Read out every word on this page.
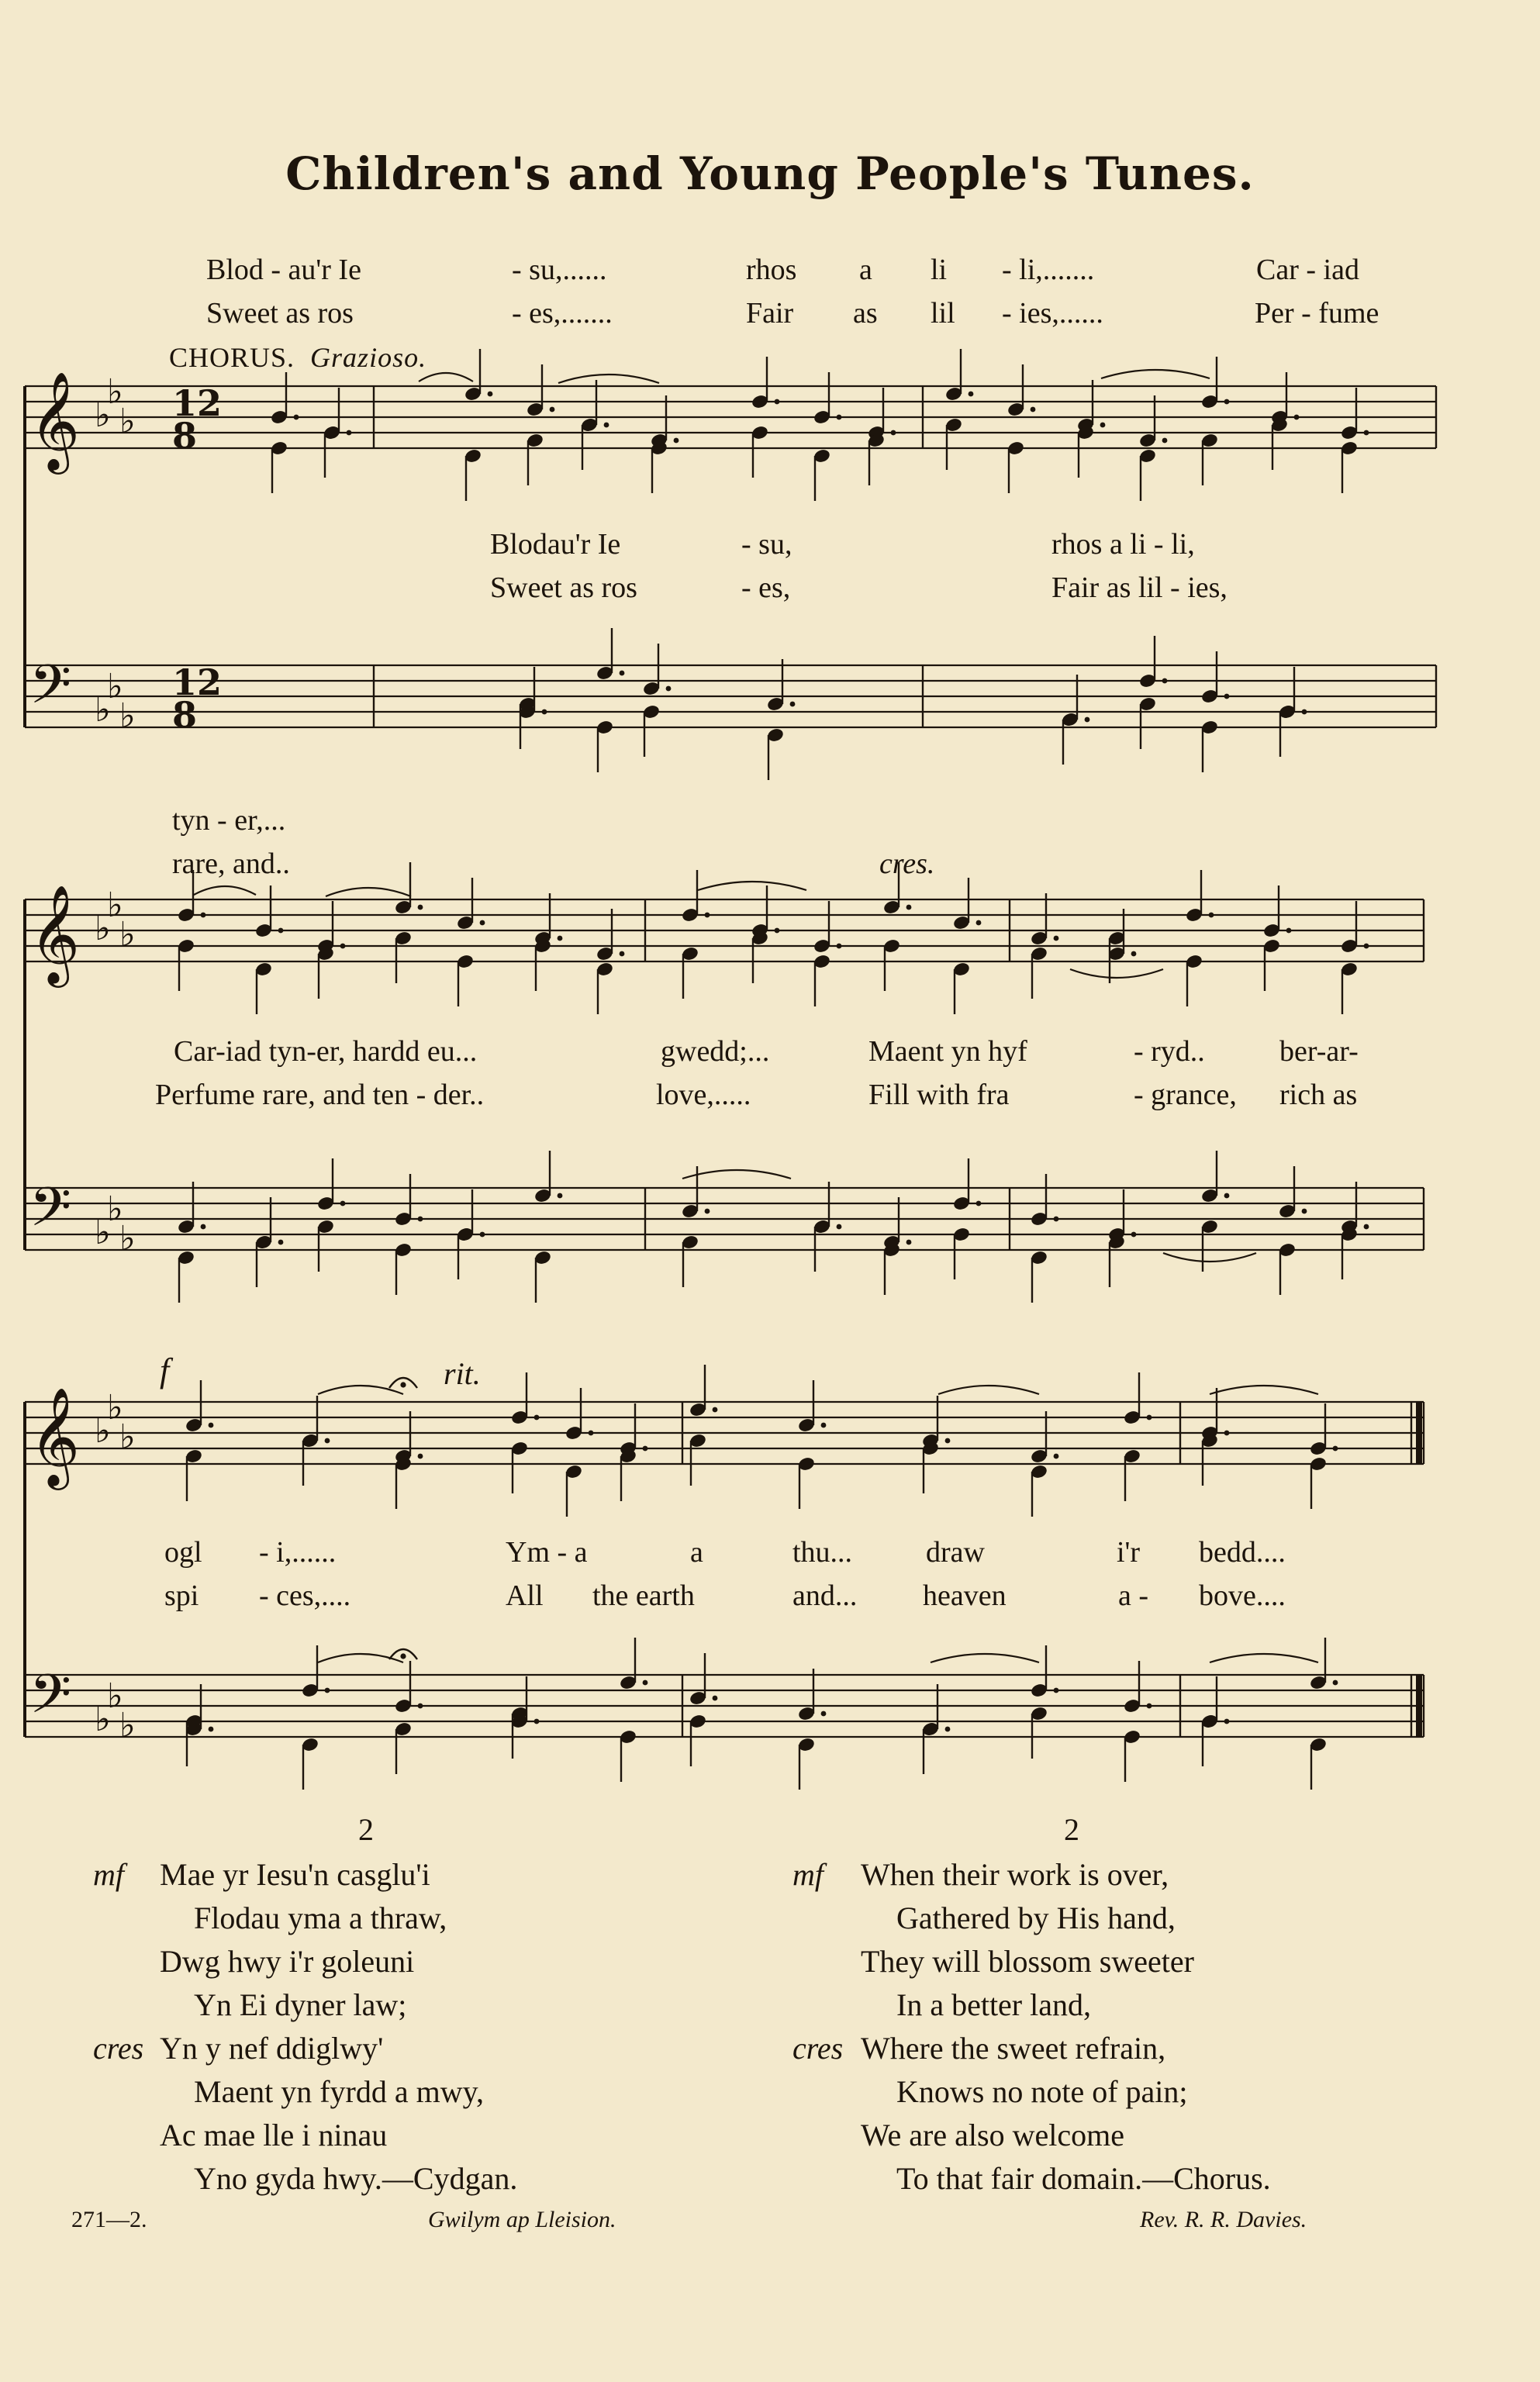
Children's and Young People's Tunes.
𝄞 ♭
♭
♭
𝄢 ♭
♭
♭
12
8
12
8
𝄞 ♭
♭
♭
𝄢 ♭
♭
♭
𝄞 ♭
♭
♭
𝄢 ♭
♭
♭
Blod - au'r Ie	- su,......	rhos a li - li,.......	Car - iad
Sweet as ros	- es,.......	Fair as lil - ies,......	Per - fume
CHORUS. Grazioso.
Blodau'r Ie	- su,	rhos a li - li,
Sweet as ros	- es,	Fair as lil - ies,
tyn - er,...
rare, and..	cres.
Car-iad tyn-er, hardd eu...	gwedd;...	Maent yn hyf	- ryd..	ber-ar-
Perfume rare, and ten - der..	love,.....	Fill with fra	- grance, rich as
f	rit.
ogl - i,......	Ym - a	a	thu... draw	i'r bedd....
spi - ces,....	All the earth	and... heaven	a - bove....
2
mf Mae yr Iesu'n casglu'i
Flodau yma a thraw,
Dwg hwy i'r goleuni
Yn Ei dyner law;
cres Yn y nef ddiglwy'
Maent yn fyrdd a mwy,
Ac mae lle i ninau
Yno gyda hwy.—Cydgan.
2
mf When their work is over,
Gathered by His hand,
They will blossom sweeter
In a better land,
cres Where the sweet refrain,
Knows no note of pain;
We are also welcome
To that fair domain.—Chorus.
271—2.	Gwilym ap Lleision.	Rev. R. R. Davies.
